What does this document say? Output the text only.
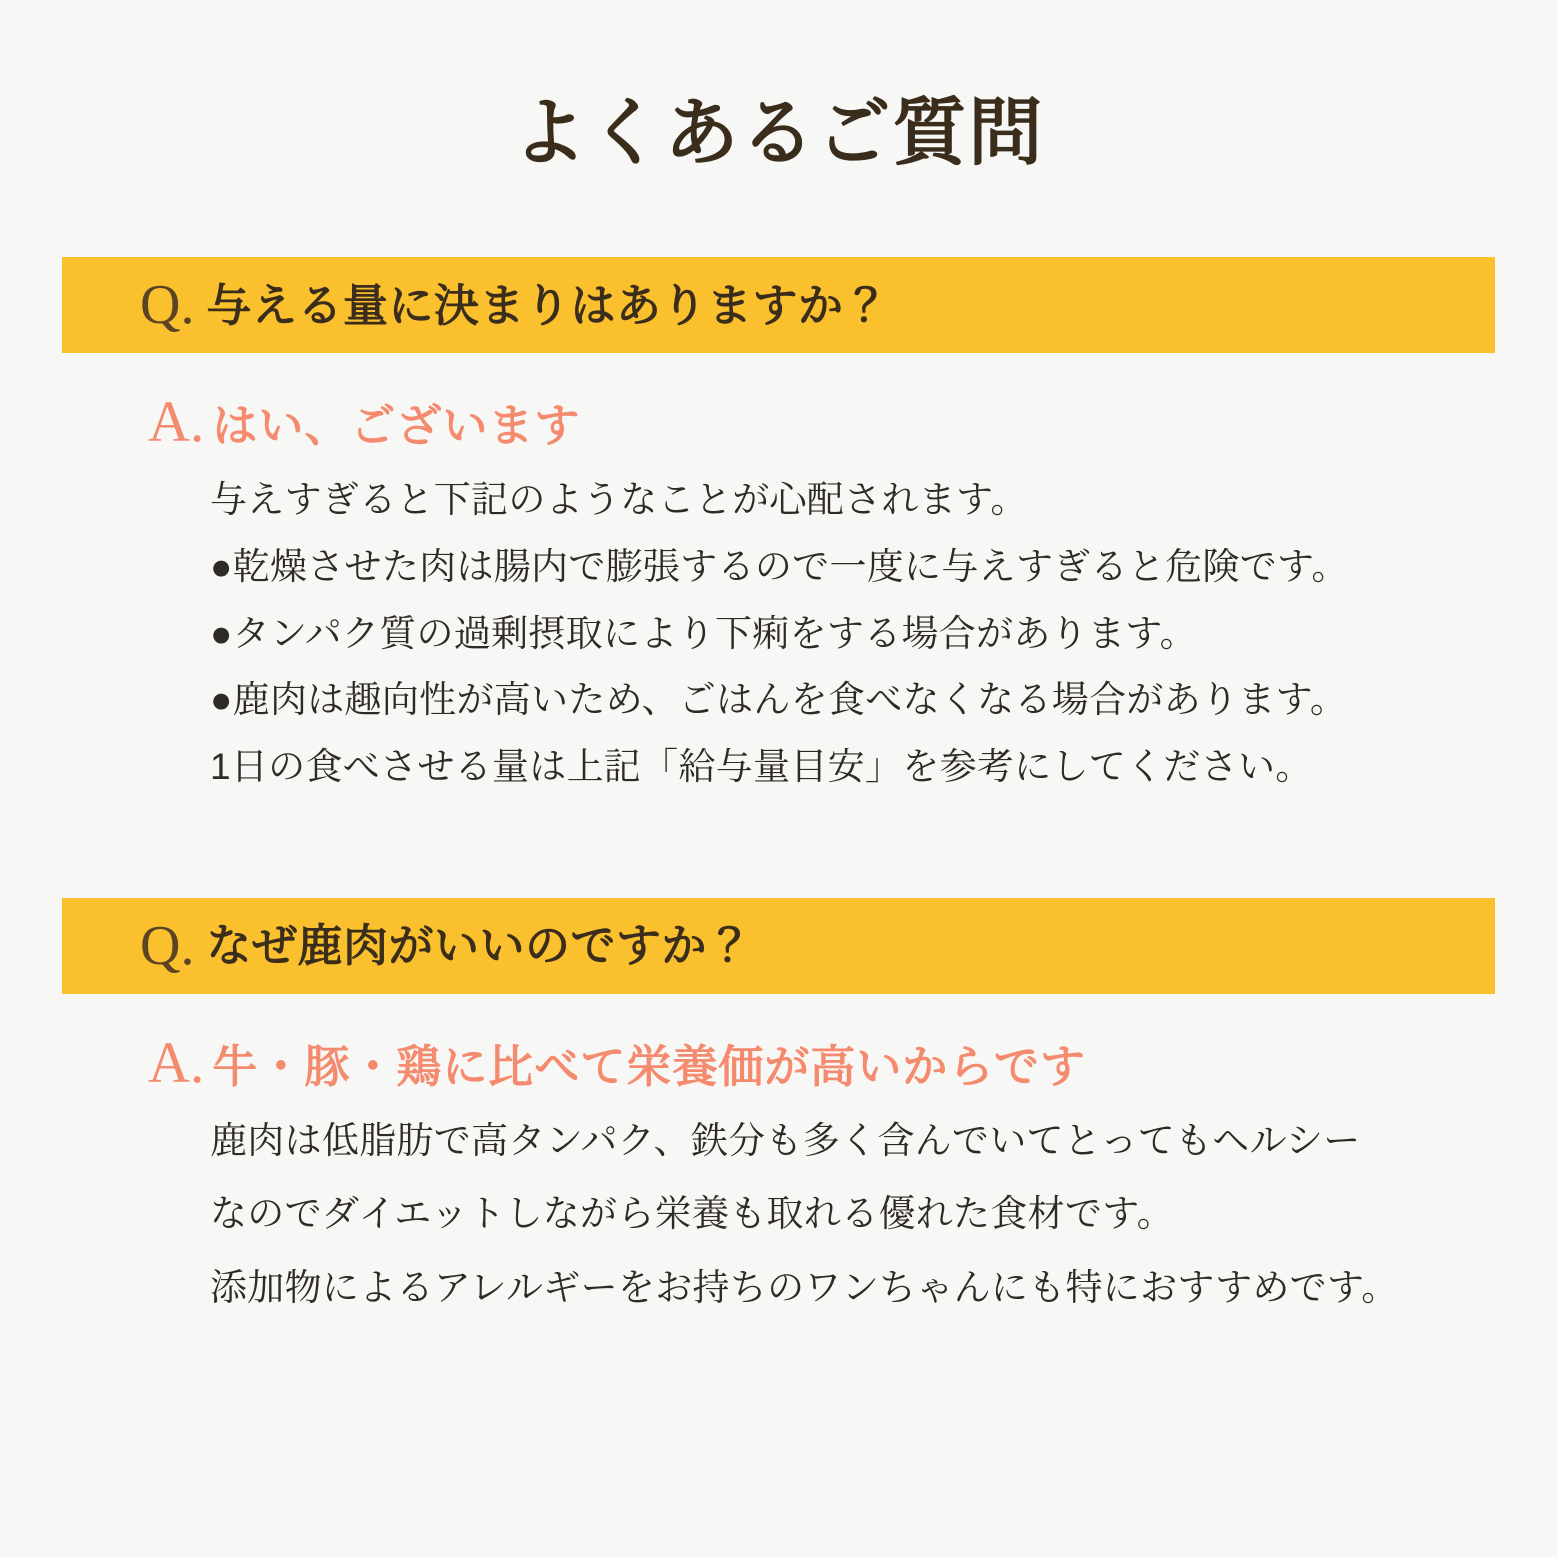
よくあるご質問
Q. 与える量に決まりはありますか？
A. はい、ございます

与えすぎると下記のようなことが心配されます。

●乾燥させた肉は腸内で膨張するので一度に与えすぎると危険です。

●タンパク質の過剰摂取により下痢をする場合があります。

●鹿肉は趣向性が高いため、ごはんを食べなくなる場合があります。

1日の食べさせる量は上記「給与量目安」を参考にしてください。

Q. なぜ鹿肉がいいのですか？
A. 牛・豚・鶏に比べて栄養価が高いからです

鹿肉は低脂肪で高タンパク、鉄分も多く含んでいてとってもヘルシー

なのでダイエットしながら栄養も取れる優れた食材です。

添加物によるアレルギーをお持ちのワンちゃんにも特におすすめです。
